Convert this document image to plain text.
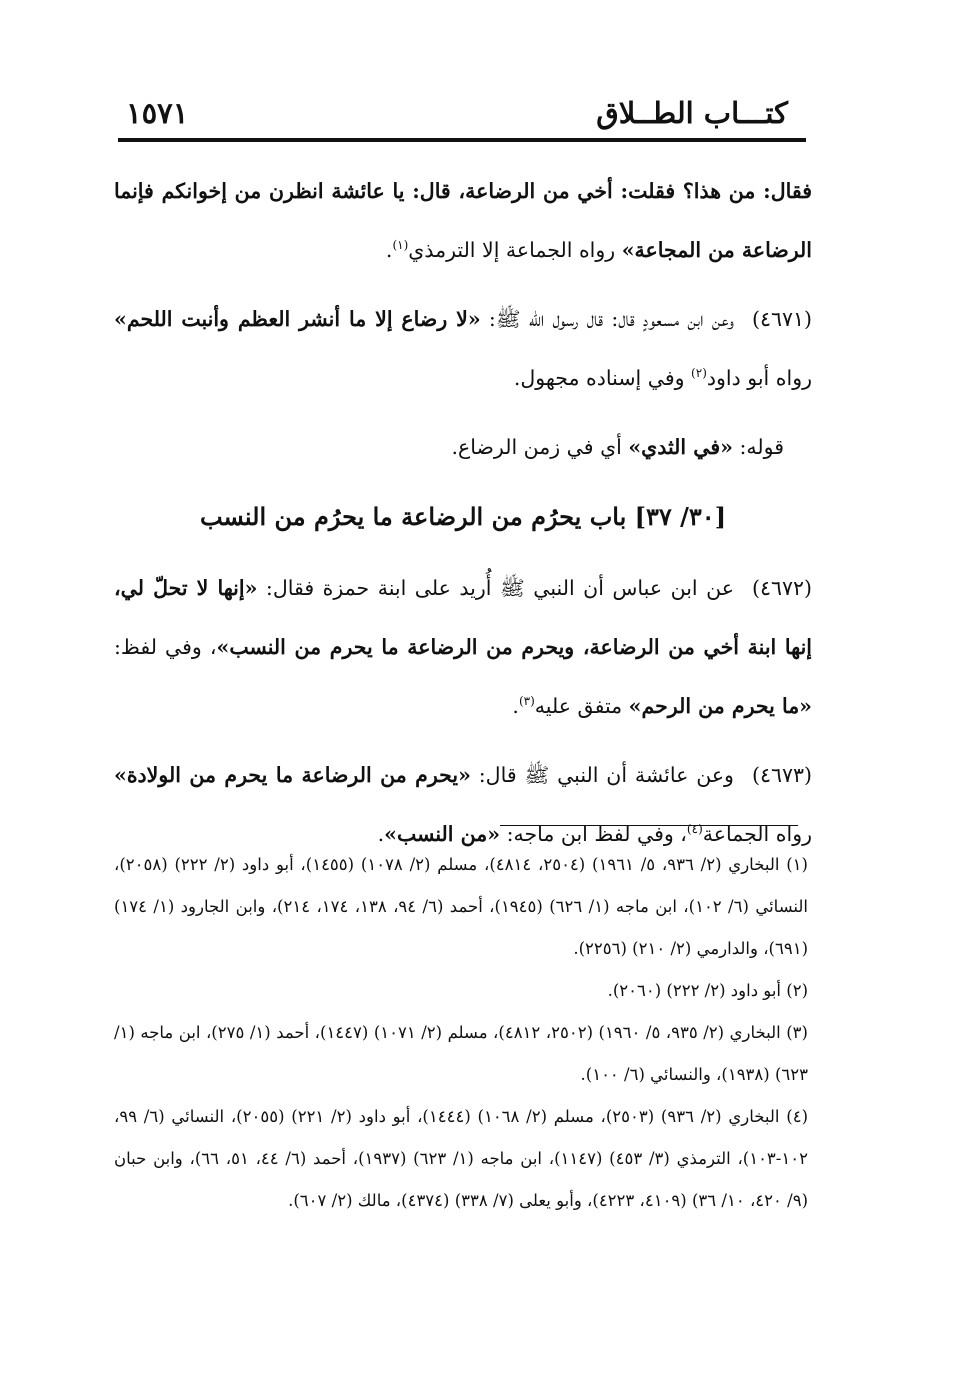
كتـــاب الطــلاق
١٥٧١

فقال: من هذا؟ فقلت: أخي من الرضاعة، قال: يا عائشة انظرن من إخوانكم فإنما الرضاعة من المجاعة» رواه الجماعة إلا الترمذي$^{(١)}$.

(٤٦٧١)وعن ابن مسعودٍ قال: قال رسول الله ﷺ: «لا رضاع إلا ما أنشر العظم وأنبت اللحم» رواه أبو داود$^{(٢)}$ وفي إسناده مجهول.

قوله: «في الثدي» أي في زمن الرضاع.

[٣٠/ ٣٧] باب يحرُم من الرضاعة ما يحرُم من النسب

(٤٦٧٢)عن ابن عباس أن النبي ﷺ أُريد على ابنة حمزة فقال: «إنها لا تحلّ لي، إنها ابنة أخي من الرضاعة، ويحرم من الرضاعة ما يحرم من النسب»، وفي لفظ: «ما يحرم من الرحم» متفق عليه$^{(٣)}$.

(٤٦٧٣)وعن عائشة أن النبي ﷺ قال: «يحرم من الرضاعة ما يحرم من الولادة» رواه الجماعة$^{(٤)}$، وفي لفظ ابن ماجه: «من النسب».

(١) البخاري (٢/ ٩٣٦، ٥/ ١٩٦١) (٢٥٠٤، ٤٨١٤)، مسلم (٢/ ١٠٧٨) (١٤٥٥)، أبو داود (٢/ ٢٢٢) (٢٠٥٨)، النسائي (٦/ ١٠٢)، ابن ماجه (١/ ٦٢٦) (١٩٤٥)، أحمد (٦/ ٩٤، ١٣٨، ١٧٤، ٢١٤)، وابن الجارود (١/ ١٧٤) (٦٩١)، والدارمي (٢/ ٢١٠) (٢٢٥٦).

(٢) أبو داود (٢/ ٢٢٢) (٢٠٦٠).

(٣) البخاري (٢/ ٩٣٥، ٥/ ١٩٦٠) (٢٥٠٢، ٤٨١٢)، مسلم (٢/ ١٠٧١) (١٤٤٧)، أحمد (١/ ٢٧٥)، ابن ماجه (١/ ٦٢٣) (١٩٣٨)، والنسائي (٦/ ١٠٠).

(٤) البخاري (٢/ ٩٣٦) (٢٥٠٣)، مسلم (٢/ ١٠٦٨) (١٤٤٤)، أبو داود (٢/ ٢٢١) (٢٠٥٥)، النسائي (٦/ ٩٩، ١٠٢-١٠٣)، الترمذي (٣/ ٤٥٣) (١١٤٧)، ابن ماجه (١/ ٦٢٣) (١٩٣٧)، أحمد (٦/ ٤٤، ٥١، ٦٦)، وابن حبان (٩/ ٤٢٠، ١٠/ ٣٦) (٤١٠٩، ٤٢٢٣)، وأبو يعلى (٧/ ٣٣٨) (٤٣٧٤)، مالك (٢/ ٦٠٧).
